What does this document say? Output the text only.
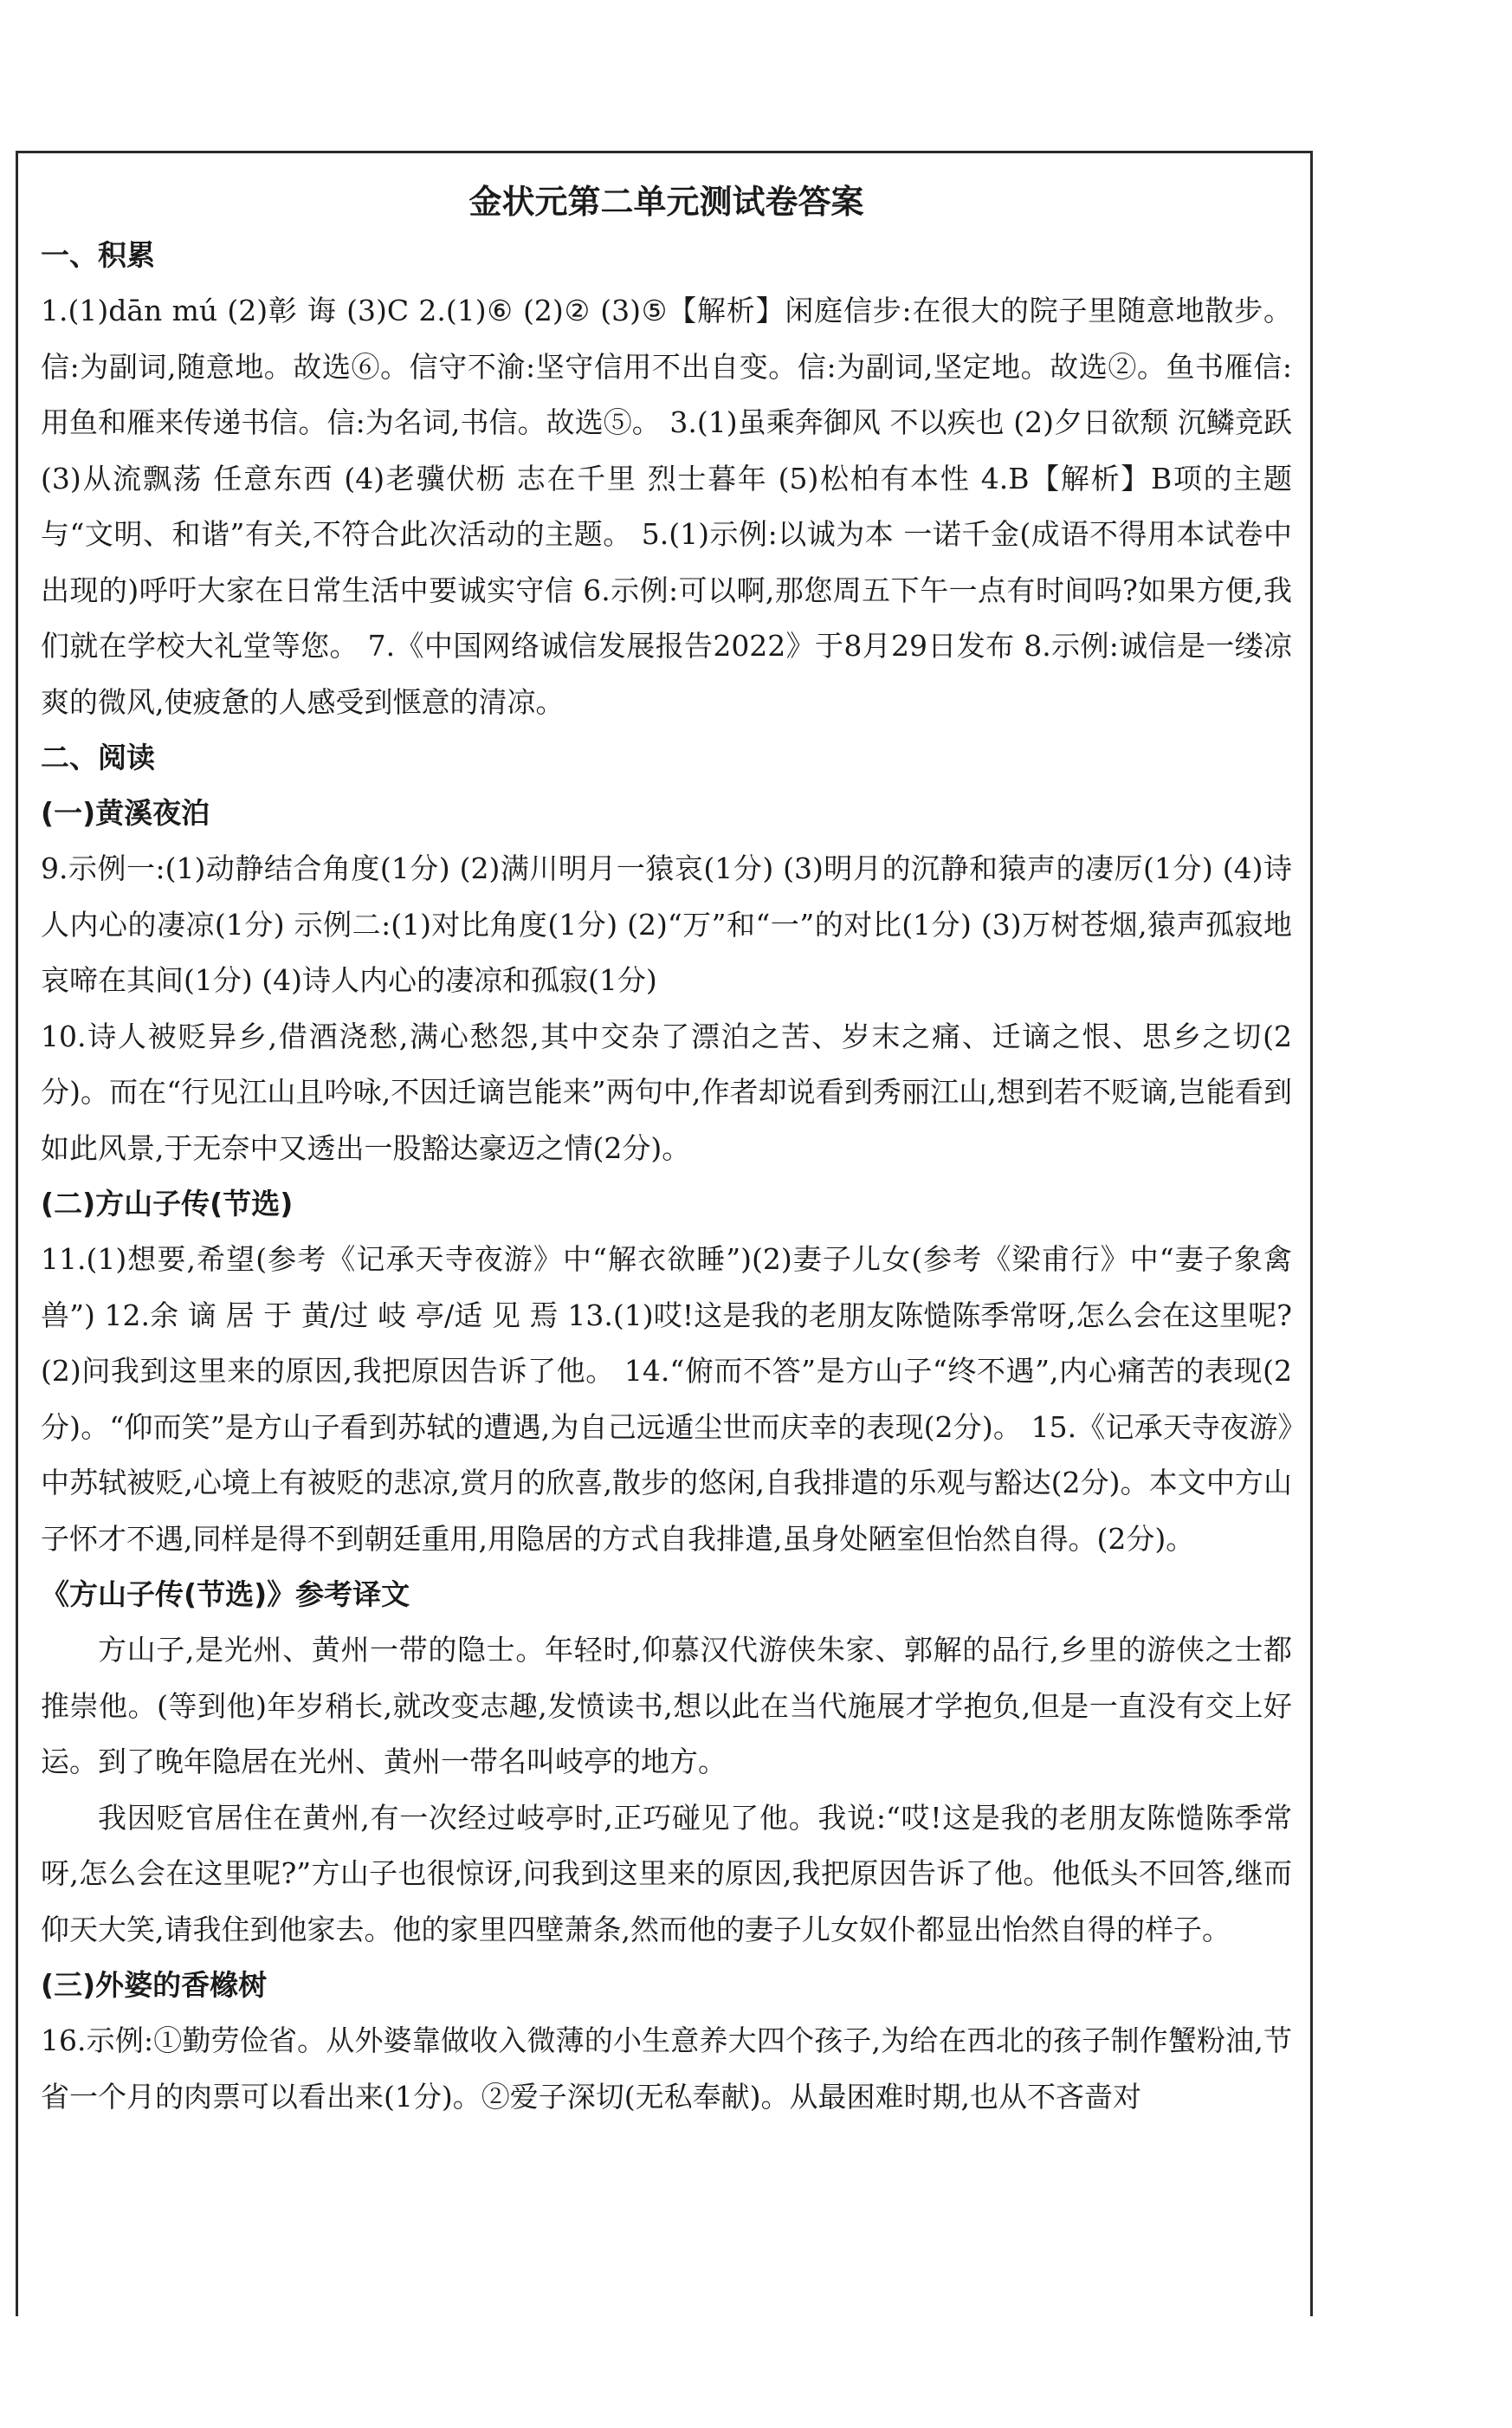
金状元第二单元测试卷答案

一、积累

1.(1)dān mú (2)彰 诲 (3)C 2.(1)⑥ (2)② (3)⑤【解析】闲庭信步:在很大的院子里随意地散步。信:为副词,随意地。故选⑥。信守不渝:坚守信用不出自变。信:为副词,坚定地。故选②。鱼书雁信:用鱼和雁来传递书信。信:为名词,书信。故选⑤。 3.(1)虽乘奔御风 不以疾也 (2)夕日欲颓 沉鳞竞跃 (3)从流飘荡 任意东西 (4)老骥伏枥 志在千里 烈士暮年 (5)松柏有本性 4.B【解析】B项的主题与“文明、和谐”有关,不符合此次活动的主题。 5.(1)示例:以诚为本 一诺千金(成语不得用本试卷中出现的)呼吁大家在日常生活中要诚实守信 6.示例:可以啊,那您周五下午一点有时间吗?如果方便,我们就在学校大礼堂等您。 7.《中国网络诚信发展报告2022》于8月29日发布 8.示例:诚信是一缕凉爽的微风,使疲惫的人感受到惬意的清凉。

二、阅读

(一)黄溪夜泊

9.示例一:(1)动静结合角度(1分) (2)满川明月一猿哀(1分) (3)明月的沉静和猿声的凄厉(1分) (4)诗人内心的凄凉(1分) 示例二:(1)对比角度(1分) (2)“万”和“一”的对比(1分) (3)万树苍烟,猿声孤寂地哀啼在其间(1分) (4)诗人内心的凄凉和孤寂(1分)

10.诗人被贬异乡,借酒浇愁,满心愁怨,其中交杂了漂泊之苦、岁末之痛、迁谪之恨、思乡之切(2分)。而在“行见江山且吟咏,不因迁谪岂能来”两句中,作者却说看到秀丽江山,想到若不贬谪,岂能看到如此风景,于无奈中又透出一股豁达豪迈之情(2分)。

(二)方山子传(节选)

11.(1)想要,希望(参考《记承天寺夜游》中“解衣欲睡”)(2)妻子儿女(参考《梁甫行》中“妻子象禽兽”) 12.余 谪 居 于 黄/过 岐 亭/适 见 焉 13.(1)哎!这是我的老朋友陈慥陈季常呀,怎么会在这里呢?(2)问我到这里来的原因,我把原因告诉了他。 14.“俯而不答”是方山子“终不遇”,内心痛苦的表现(2分)。“仰而笑”是方山子看到苏轼的遭遇,为自己远遁尘世而庆幸的表现(2分)。 15.《记承天寺夜游》中苏轼被贬,心境上有被贬的悲凉,赏月的欣喜,散步的悠闲,自我排遣的乐观与豁达(2分)。本文中方山子怀才不遇,同样是得不到朝廷重用,用隐居的方式自我排遣,虽身处陋室但怡然自得。(2分)。

《方山子传(节选)》参考译文

方山子,是光州、黄州一带的隐士。年轻时,仰慕汉代游侠朱家、郭解的品行,乡里的游侠之士都推崇他。(等到他)年岁稍长,就改变志趣,发愤读书,想以此在当代施展才学抱负,但是一直没有交上好运。到了晚年隐居在光州、黄州一带名叫岐亭的地方。

我因贬官居住在黄州,有一次经过岐亭时,正巧碰见了他。我说:“哎!这是我的老朋友陈慥陈季常呀,怎么会在这里呢?”方山子也很惊讶,问我到这里来的原因,我把原因告诉了他。他低头不回答,继而仰天大笑,请我住到他家去。他的家里四壁萧条,然而他的妻子儿女奴仆都显出怡然自得的样子。

(三)外婆的香橼树

16.示例:①勤劳俭省。从外婆靠做收入微薄的小生意养大四个孩子,为给在西北的孩子制作蟹粉油,节省一个月的肉票可以看出来(1分)。②爱子深切(无私奉献)。从最困难时期,也从不吝啬对
